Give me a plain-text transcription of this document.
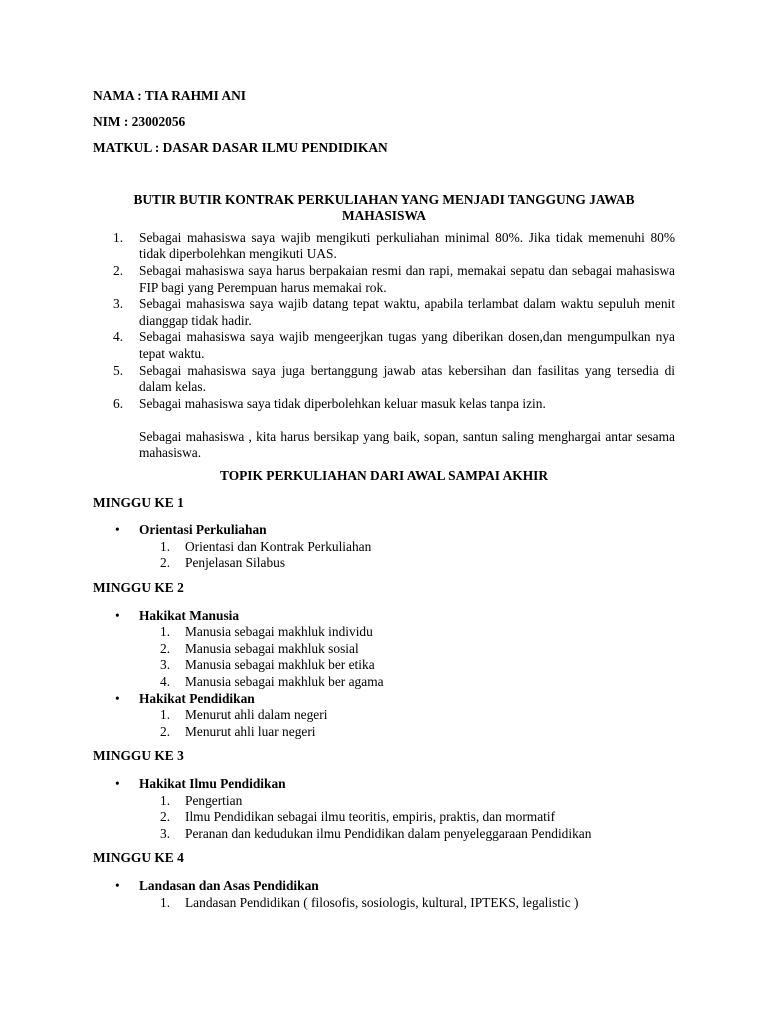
NAMA : TIA RAHMI ANI
NIM : 23002056
MATKUL : DASAR DASAR ILMU PENDIDIKAN
BUTIR BUTIR KONTRAK PERKULIAHAN YANG MENJADI TANGGUNG JAWAB MAHASISWA
1. Sebagai mahasiswa saya wajib mengikuti perkuliahan minimal 80%. Jika tidak memenuhi 80% tidak diperbolehkan mengikuti UAS.
2. Sebagai mahasiswa saya harus berpakaian resmi dan rapi, memakai sepatu dan sebagai mahasiswa FIP bagi yang Perempuan harus memakai rok.
3. Sebagai mahasiswa saya wajib datang tepat waktu, apabila terlambat dalam waktu sepuluh menit dianggap tidak hadir.
4. Sebagai mahasiswa saya wajib mengeerjkan tugas yang diberikan dosen,dan mengumpulkan nya tepat waktu.
5. Sebagai mahasiswa saya juga bertanggung jawab atas kebersihan dan fasilitas yang tersedia di dalam kelas.
6. Sebagai mahasiswa saya tidak diperbolehkan keluar masuk kelas tanpa izin.
Sebagai mahasiswa , kita harus bersikap yang baik, sopan, santun saling menghargai antar sesama mahasiswa.
TOPIK PERKULIAHAN DARI AWAL SAMPAI AKHIR
MINGGU KE 1
• Orientasi Perkuliahan
1. Orientasi dan Kontrak Perkuliahan
2. Penjelasan Silabus
MINGGU KE 2
• Hakikat Manusia
1. Manusia sebagai makhluk individu
2. Manusia sebagai makhluk sosial
3. Manusia sebagai makhluk ber etika
4. Manusia sebagai makhluk ber agama
• Hakikat Pendidikan
1. Menurut ahli dalam negeri
2. Menurut ahli luar negeri
MINGGU KE 3
• Hakikat Ilmu Pendidikan
1. Pengertian
2. Ilmu Pendidikan sebagai ilmu teoritis, empiris, praktis, dan mormatif
3. Peranan dan kedudukan ilmu Pendidikan dalam penyeleggaraan Pendidikan
MINGGU KE 4
• Landasan dan Asas Pendidikan
1. Landasan Pendidikan ( filosofis, sosiologis, kultural, IPTEKS, legalistic )
